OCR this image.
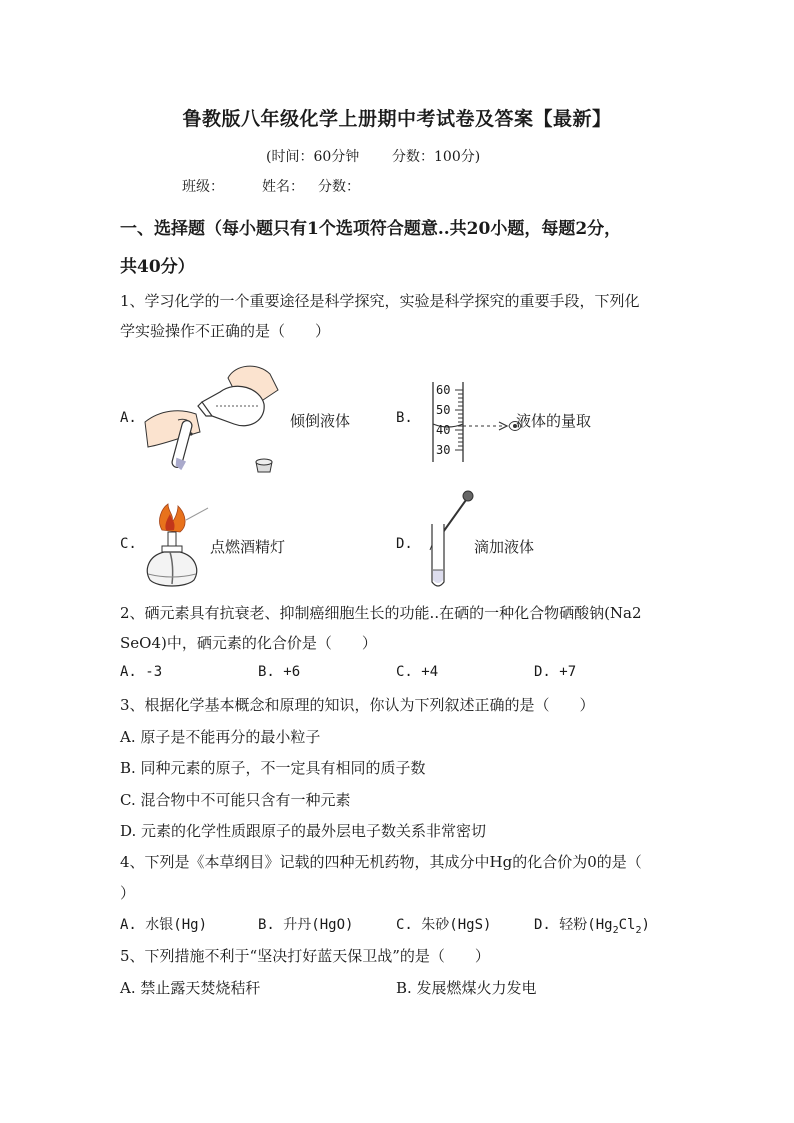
鲁教版八年级化学上册期中考试卷及答案【最新】
(时间：60分钟 分数：100分)
班级：	姓名： 分数：
一、选择题（每小题只有1个选项符合题意..共20小题，每题2分，
共40分）
1、学习化学的一个重要途径是科学探究，实验是科学探究的重要手段，下列化
学实验操作不正确的是（　　）
A.	倾倒液体	B.
60
50
40
30
液体的量取
C.	点燃酒精灯	D.	滴加液体
2、硒元素具有抗衰老、抑制癌细胞生长的功能..在硒的一种化合物硒酸钠(Na2
SeO4)中，硒元素的化合价是（　　）
A. -3	B. +6	C. +4	D. +7
3、根据化学基本概念和原理的知识，你认为下列叙述正确的是（　　）
A. 原子是不能再分的最小粒子
B. 同种元素的原子，不一定具有相同的质子数
C. 混合物中不可能只含有一种元素
D. 元素的化学性质跟原子的最外层电子数关系非常密切
4、下列是《本草纲目》记载的四种无机药物，其成分中Hg的化合价为0的是（
）
A. 水银(Hg)	B. 升丹(HgO)	C. 朱砂(HgS)	D. 轻粉$(Hg_2Cl_2)$
5、下列措施不利于“坚决打好蓝天保卫战”的是（　　）
A. 禁止露天焚烧秸秆	B. 发展燃煤火力发电
